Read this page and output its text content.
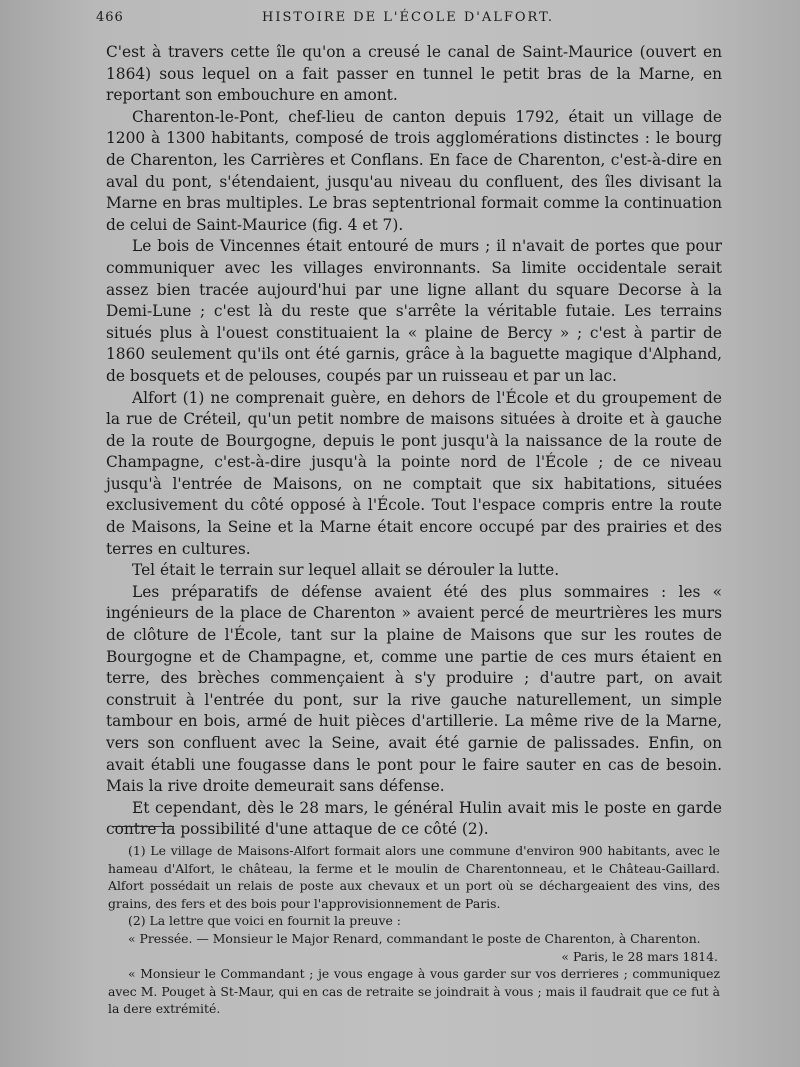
466	HISTOIRE DE L'ÉCOLE D'ALFORT.

C'est à travers cette île qu'on a creusé le canal de Saint-Maurice (ouvert en 1864) sous lequel on a fait passer en tunnel le petit bras de la Marne, en reportant son embouchure en amont.

Charenton-le-Pont, chef-lieu de canton depuis 1792, était un village de 1200 à 1300 habitants, composé de trois agglomérations distinctes : le bourg de Charenton, les Carrières et Conflans. En face de Charenton, c'est-à-dire en aval du pont, s'étendaient, jusqu'au niveau du confluent, des îles divisant la Marne en bras multiples. Le bras septentrional formait comme la continuation de celui de Saint-Maurice (fig. 4 et 7).

Le bois de Vincennes était entouré de murs ; il n'avait de portes que pour communiquer avec les villages environnants. Sa limite occidentale serait assez bien tracée aujourd'hui par une ligne allant du square Decorse à la Demi-Lune ; c'est là du reste que s'arrête la véritable futaie. Les terrains situés plus à l'ouest constituaient la « plaine de Bercy » ; c'est à partir de 1860 seulement qu'ils ont été garnis, grâce à la baguette magique d'Alphand, de bosquets et de pelouses, coupés par un ruisseau et par un lac.

Alfort (1) ne comprenait guère, en dehors de l'École et du groupement de la rue de Créteil, qu'un petit nombre de maisons situées à droite et à gauche de la route de Bourgogne, depuis le pont jusqu'à la naissance de la route de Champagne, c'est-à-dire jusqu'à la pointe nord de l'École ; de ce niveau jusqu'à l'entrée de Maisons, on ne comptait que six habitations, situées exclusivement du côté opposé à l'École. Tout l'espace compris entre la route de Maisons, la Seine et la Marne était encore occupé par des prairies et des terres en cultures.

Tel était le terrain sur lequel allait se dérouler la lutte.

Les préparatifs de défense avaient été des plus sommaires : les « ingénieurs de la place de Charenton » avaient percé de meurtrières les murs de clôture de l'École, tant sur la plaine de Maisons que sur les routes de Bourgogne et de Champagne, et, comme une partie de ces murs étaient en terre, des brèches commençaient à s'y produire ; d'autre part, on avait construit à l'entrée du pont, sur la rive gauche naturellement, un simple tambour en bois, armé de huit pièces d'artillerie. La même rive de la Marne, vers son confluent avec la Seine, avait été garnie de palissades. Enfin, on avait établi une fougasse dans le pont pour le faire sauter en cas de besoin. Mais la rive droite demeurait sans défense.

Et cependant, dès le 28 mars, le général Hulin avait mis le poste en garde contre la possibilité d'une attaque de ce côté (2).

(1) Le village de Maisons-Alfort formait alors une commune d'environ 900 habitants, avec le hameau d'Alfort, le château, la ferme et le moulin de Charentonneau, et le Château-Gaillard. Alfort possédait un relais de poste aux chevaux et un port où se déchargeaient des vins, des grains, des fers et des bois pour l'approvisionnement de Paris.

(2) La lettre que voici en fournit la preuve :

« Pressée. — Monsieur le Major Renard, commandant le poste de Charenton, à Charenton.

« Paris, le 28 mars 1814.

« Monsieur le Commandant ; je vous engage à vous garder sur vos derrieres ; communiquez avec M. Pouget à St-Maur, qui en cas de retraite se joindrait à vous ; mais il faudrait que ce fut à la dere extrémité.
